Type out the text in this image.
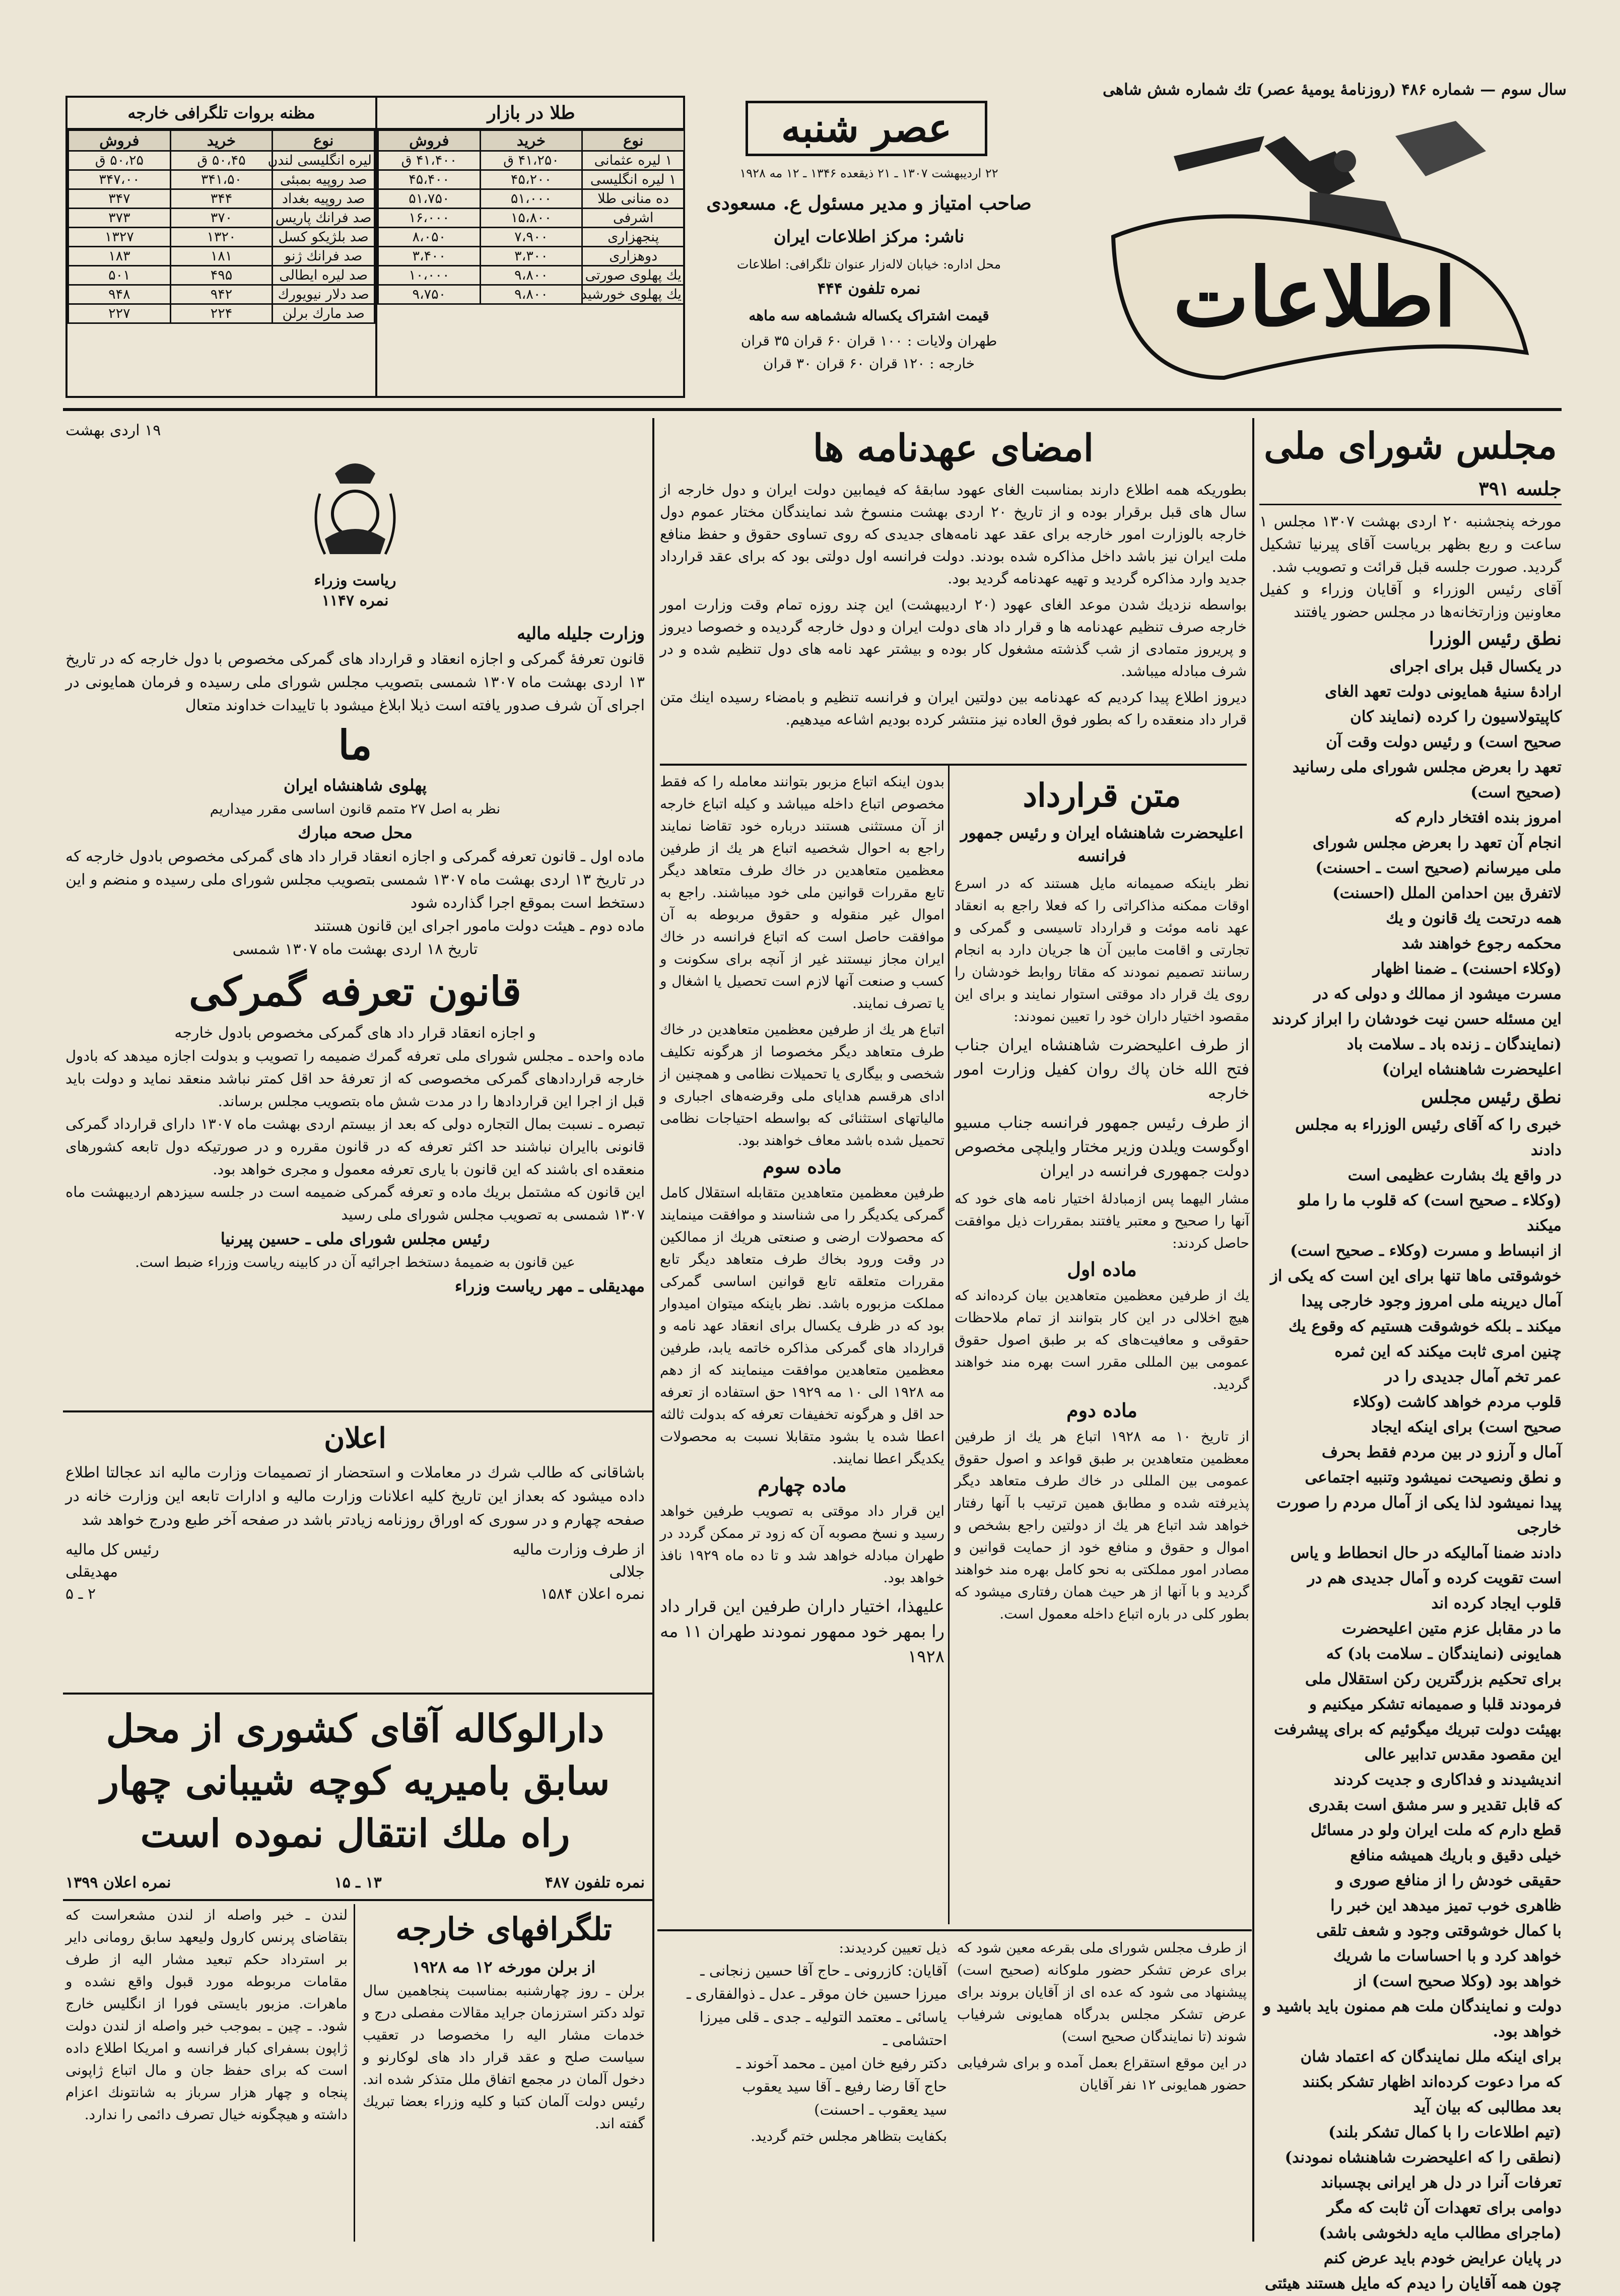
سال سوم — شماره ۴۸۶ (روزنامهٔ یومیهٔ عصر) تك شماره شش شاهی
اطلاعات
عصر شنبه
۲۲ اردیبهشت ۱۳۰۷ ـ ۲۱ ذیقعده ۱۳۴۶ ـ ۱۲ مه ۱۹۲۸
صاحب امتیاز و مدیر مسئول ع. مسعودی
ناشر: مرکز اطلاعات ایران
محل اداره: خیابان لاله‌زار عنوان تلگرافی: اطلاعات
نمره تلفون ۴۴۴
قیمت اشتراک یکساله ششماهه سه ماهه
طهران ولایات : ۱۰۰ قران ۶۰ قران ۳۵ قران
خارجه : ۱۲۰ قران ۶۰ قران ۳۰ قران
طلا در بازار
نوع	خرید	فروش
۱ لیره عثمانی	۴۱،۲۵۰ ق	۴۱،۴۰۰ ق
۱ لیره انگلیسی	۴۵،۲۰۰	۴۵،۴۰۰
ده منانی طلا	۵۱،۰۰۰	۵۱،۷۵۰
اشرفی	۱۵،۸۰۰	۱۶،۰۰۰
پنجهزاری	۷،۹۰۰	۸،۰۵۰
دوهزاری	۳،۳۰۰	۳،۴۰۰
یك پهلوی صورتی	۹،۸۰۰	۱۰،۰۰۰
یك پهلوی خورشید	۹،۸۰۰	۹،۷۵۰
مظنه بروات تلگرافی خارجه
نوع	خرید	فروش
لیره انگلیسی لندن	۵۰،۴۵ ق	۵۰،۲۵ ق
صد روپیه بمبئی	۳۴۱،۵۰	۳۴۷،۰۰
صد روپیه بغداد	۳۴۴	۳۴۷
صد فرانك پاریس	۳۷۰	۳۷۳
صد بلژیکو کسل	۱۳۲۰	۱۳۲۷
صد فرانك ژنو	۱۸۱	۱۸۳
صد لیره ایطالی	۴۹۵	۵۰۱
صد دلار نیویورك	۹۴۲	۹۴۸
صد مارك برلن	۲۲۴	۲۲۷
مجلس شورای ملی
جلسه ۳۹۱
مورخه پنجشنبه ۲۰ اردی بهشت ۱۳۰۷ مجلس ۱ ساعت و ربع بظهر بریاست آقای پیرنیا تشکیل گردید. صورت جلسه قبل قرائت و تصویب شد.
آقای رئیس الوزراء و آقایان وزراء و کفیل معاونین وزارتخانه‌ها در مجلس حضور یافتند
نطق رئیس الوزرا
در یکسال قبل برای اجرای
ارادهٔ سنیهٔ همایونی دولت تعهد الغای
کاپیتولاسیون را کرده (نمایند کان
صحیح است) و رئیس دولت وقت آن
تعهد را بعرض مجلس شورای ملی رسانید
(صحیح است)
امروز بنده افتخار دارم که
انجام آن تعهد را بعرض مجلس شورای
ملی میرسانم (صحیح است ـ احسنت)
لاتفرق بین احدامن الملل (احسنت)
همه درتحت یك قانون و یك
محکمه رجوع خواهند شد
(وکلاء احسنت) ـ ضمنا اظهار
مسرت میشود از ممالك و دولی که در
این مسئله حسن نیت خودشان را ابراز کردند
(نمایندگان ـ زنده باد ـ سلامت باد
اعلیحضرت شاهنشاه ایران)
نطق رئیس مجلس
خبری را که آقای رئیس الوزراء به مجلس دادند
در واقع یك بشارت عظیمی است
(وکلاء ـ صحیح است) که قلوب ما را ملو میکند
از انبساط و مسرت (وکلاء ـ صحیح است)
خوشوقتی ماها تنها برای این است که یکی از
آمال دیرینه ملی امروز وجود خارجی پیدا
میکند ـ بلکه خوشوقت هستیم که وقوع یك
چنین امری ثابت میکند که این ثمره
عمر تخم آمال جدیدی را در
قلوب مردم خواهد کاشت (وکلاء
صحیح است) برای اینکه ایجاد
آمال و آرزو در بین مردم فقط بحرف
و نطق ونصیحت نمیشود وتنبیه اجتماعی
پیدا نمیشود لذا یکی از آمال مردم را صورت خارجی
دادند ضمنا آمالیکه در حال انحطاط و یاس
است تقویت کرده و آمال جدیدی هم در
قلوب ایجاد کرده اند
ما در مقابل عزم متین اعلیحضرت
همایونی (نمایندگان ـ سلامت باد) که
برای تحکیم بزرگترین رکن استقلال ملی
فرمودند قلبا و صمیمانه تشکر میکنیم و
بهیئت دولت تبریك میگوئیم که برای پیشرفت
این مقصود مقدس تدابیر عالی
اندیشیدند و فداکاری و جدیت کردند
که قابل تقدیر و سر مشق است بقدری
قطع دارم که ملت ایران ولو در مسائل
خیلی دقیق و باریك همیشه منافع
حقیقی خودش را از منافع صوری و
ظاهری خوب تمیز میدهد این خبر را
با کمال خوشوقتی وجود و شعف تلقی
خواهد کرد و با احساسات ما شریك
خواهد بود (وکلا صحیح است) از
دولت و نمایندگان ملت هم ممنون باید باشید و
خواهد بود.
برای اینکه ملل نمایندگان که اعتماد شان
که مرا دعوت کرده‌اند اظهار تشکر بکنند
بعد مطالبی که بیان آید
(تیم اطلاعات را با کمال تشکر بلند)
(نطقی را که اعلیحضرت شاهنشاه نمودند)
تعرفات آنرا در دل هر ایرانی بچسباند
دوامی برای تعهدات آن ثابت که مگر
(ماجرای مطالب مایه دلخوشی باشد)
در پایان عرایض خودم باید عرض کنم
چون همه آقایان را دیدم که مایل هستند هیئتی
امضای عهدنامه ها
بطوریکه همه اطلاع دارند بمناسبت الغای عهود سابقهٔ که فیمابین دولت ایران و دول خارجه از سال های قبل برقرار بوده و از تاریخ ۲۰ اردی بهشت منسوخ شد نمایندگان مختار عموم دول خارجه بالوزارت امور خارجه برای عقد عهد نامه‌های جدیدی که روی تساوی حقوق و حفظ منافع ملت ایران نیز باشد داخل مذاکره شده بودند. دولت فرانسه اول دولتی بود که برای عقد قرارداد جدید وارد مذاکره گردید و تهیه عهدنامه گردید بود.
بواسطه نزدیك شدن موعد الغای عهود (۲۰ اردیبهشت) این چند روزه تمام وقت وزارت امور خارجه صرف تنظیم عهدنامه ها و قرار داد های دولت ایران و دول خارجه گردیده و خصوصا دیروز و پریروز متمادی از شب گذشته مشغول کار بوده و بیشتر عهد نامه های دول تنظیم شده و در شرف مبادله میباشد.
دیروز اطلاع پیدا کردیم که عهدنامه بین دولتین ایران و فرانسه تنظیم و بامضاء رسیده اینك متن قرار داد منعقده را که بطور فوق العاده نیز منتشر کرده بودیم اشاعه میدهیم.
متن قرارداد
اعلیحضرت شاهنشاه ایران و رئیس جمهور فرانسه
نظر باینکه صمیمانه مایل هستند که در اسرع اوقات ممکنه مذاکراتی را که فعلا راجع به انعقاد عهد نامه موئت و قرارداد تاسیسی و گمرکی و تجارتی و اقامت مابین آن ها جریان دارد به انجام رسانند تصمیم نمودند که مقاتا روابط خودشان را روی یك قرار داد موقتی استوار نمایند و برای این مقصود اختیار داران خود را تعیین نمودند:
از طرف اعلیحضرت شاهنشاه ایران جناب فتح الله خان پاك روان کفیل وزارت امور خارجه
از طرف رئیس جمهور فرانسه جناب مسیو اوگوست ویلدن وزیر مختار وایلچی مخصوص دولت جمهوری فرانسه در ایران
مشار الیهما پس ازمبادلهٔ اختیار نامه های خود که آنها را صحیح و معتبر یافتند بمقررات ذیل موافقت حاصل کردند:
ماده اول
یك از طرفین معظمین متعاهدین بیان کرده‌اند که هیچ اخلالی در این کار بتوانند از تمام ملاحظات حقوقی و معافیت‌های که بر طبق اصول حقوق عمومی بین المللی مقرر است بهره مند خواهند گردید.
ماده دوم
از تاریخ ۱۰ مه ۱۹۲۸ اتباع هر یك از طرفین معظمین متعاهدین بر طبق قواعد و اصول حقوق عمومی بین المللی در خاك طرف متعاهد دیگر پذیرفته شده و مطابق همین ترتیب با آنها رفتار خواهد شد اتباع هر یك از دولتین راجع بشخص و اموال و حقوق و منافع خود از حمایت قوانین و مصادر امور مملکتی به نحو کامل بهره مند خواهند گردید و با آنها از هر حیث همان رفتاری میشود که بطور کلی در باره اتباع داخله معمول است.
بدون اینکه اتباع مزبور بتوانند معامله را که فقط مخصوص اتباع داخله میباشد و کیله اتباع خارجه از آن مستثنی هستند درباره خود تقاضا نمایند راجع به احوال شخصیه اتباع هر یك از طرفین معظمین متعاهدین در خاك طرف متعاهد دیگر تابع مقررات قوانین ملی خود میباشند. راجع به اموال غیر منقوله و حقوق مربوطه به آن موافقت حاصل است که اتباع فرانسه در خاك ایران مجاز نیستند غیر از آنچه برای سکونت و کسب و صنعت آنها لازم است تحصیل یا اشغال و یا تصرف نمایند.
اتباع هر یك از طرفین معظمین متعاهدین در خاك طرف متعاهد دیگر مخصوصا از هرگونه تکلیف شخصی و بیگاری یا تحمیلات نظامی و همچنین از ادای هرقسم هدایای ملی وقرضه‌های اجباری و مالیاتهای استثنائی که بواسطه احتیاجات نظامی تحمیل شده باشد معاف خواهند بود.
ماده سوم
طرفین معظمین متعاهدین متقابله استقلال کامل گمرکی یکدیگر را می شناسند و موافقت مینمایند که محصولات ارضی و صنعتی هریك از ممالکین در وقت ورود بخاك طرف متعاهد دیگر تابع مقررات متعلقه تابع قوانین اساسی گمرکی مملکت مزبوره باشد. نظر باینکه میتوان امیدوار بود که در ظرف یکسال برای انعقاد عهد نامه و قرارداد های گمرکی مذاکره خاتمه یابد، طرفین معظمین متعاهدین موافقت مینمایند که از دهم مه ۱۹۲۸ الی ۱۰ مه ۱۹۲۹ حق استفاده از تعرفه حد اقل و هرگونه تخفیفات تعرفه که بدولت ثالثه اعطا شده یا بشود متقابلا نسبت به محصولات یکدیگر اعطا نمایند.
ماده چهارم
این قرار داد موقتی به تصویب طرفین خواهد رسید و نسخ مصوبه آن که زود تر ممکن گردد در طهران مبادله خواهد شد و تا ده ماه ۱۹۲۹ نافذ خواهد بود.
علیهذا، اختیار داران طرفین این قرار داد را بمهر خود ممهور نمودند طهران ۱۱ مه ۱۹۲۸
از طرف مجلس شورای ملی بقرعه معین شود که برای عرض تشکر حضور ملوکانه (صحیح است) پیشنهاد می شود که عده ای از آقایان بروند برای عرض تشکر مجلس بدرگاه همایونی شرفیاب شوند (تا نمایندگان صحیح است)
در این موقع استقراع بعمل آمده و برای شرفیابی حضور همایونی ۱۲ نفر آقایان
ذیل تعیین کردیدند:
آقایان: کازرونی ـ حاج آقا حسین زنجانی ـ
میرزا حسین خان موقر ـ عدل ـ ذوالفقاری ـ
یاسائی ـ معتمد التولیه ـ جدی ـ قلی میرزا احتشامی ـ
دکتر رفیع خان امین ـ محمد آخوند ـ
حاج آقا رضا رفیع ـ آقا سید یعقوب
سید یعقوب ـ احسنت)
بکفایت بتظاهر مجلس ختم گردید.
۱۹ اردی بهشت
ریاست وزراء
نمره ۱۱۴۷
وزارت جلیله مالیه
قانون تعرفهٔ گمرکی و اجازه انعقاد و قرارداد های گمرکی مخصوص با دول خارجه که در تاریخ ۱۳ اردی بهشت ماه ۱۳۰۷ شمسی بتصویب مجلس شورای ملی رسیده و فرمان همایونی در اجرای آن شرف صدور یافته است ذیلا ابلاغ میشود با تاییدات خداوند متعال
ما
پهلوی شاهنشاه ایران
نظر به اصل ۲۷ متمم قانون اساسی مقرر میداریم
محل صحه مبارك
ماده اول ـ قانون تعرفه گمرکی و اجازه انعقاد قرار داد های گمرکی مخصوص بادول خارجه که در تاریخ ۱۳ اردی بهشت ماه ۱۳۰۷ شمسی بتصویب مجلس شورای ملی رسیده و منضم و این دستخط است بموقع اجرا گذارده شود
ماده دوم ـ هیئت دولت مامور اجرای این قانون هستند
تاریخ ۱۸ اردی بهشت ماه ۱۳۰۷ شمسی
قانون تعرفه گمرکی
و اجازه انعقاد قرار داد های گمرکی مخصوص بادول خارجه
ماده واحده ـ مجلس شورای ملی تعرفه گمرك ضمیمه را تصویب و بدولت اجازه میدهد که بادول خارجه قراردادهای گمرکی مخصوصی که از تعرفهٔ حد اقل کمتر نباشد منعقد نماید و دولت باید قبل از اجرا این قراردادها را در مدت شش ماه بتصویب مجلس برساند.
تبصره ـ نسبت بمال التجاره دولی که بعد از بیستم اردی بهشت ماه ۱۳۰۷ دارای قرارداد گمرکی قانونی باایران نباشند حد اکثر تعرفه که در قانون مقرره و در صورتیکه دول تابعه کشورهای منعقده ای باشند که این قانون با یاری تعرفه معمول و مجری خواهد بود.
این قانون که مشتمل بریك ماده و تعرفه گمرکی ضمیمه است در جلسه سیزدهم اردیبهشت ماه ۱۳۰۷ شمسی به تصویب مجلس شورای ملی رسید
رئیس مجلس شورای ملی ـ حسین پیرنیا
عین قانون به ضمیمهٔ دستخط اجرائیه آن در کابینه ریاست وزراء ضبط است.
مهدیقلی ـ مهر ریاست وزراء
اعلان
باشاقانی که طالب شرك در معاملات و استحضار از تصمیمات وزارت مالیه اند عجالتا اطلاع داده میشود که بعداز این تاریخ کلیه اعلانات وزارت مالیه و ادارات تابعه این وزارت خانه در صفحه چهارم و در سوری که اوراق روزنامه زیادتر باشد در صفحه آخر طبع ودرج خواهد شد
از طرف وزارت مالیه
رئیس کل مالیه
جلالی
مهدیقلی
نمره اعلان ۱۵۸۴
۲ ـ ۵
دارالوکاله آقای کشوری از محل سابق بامیریه کوچه شیبانی چهار راه ملك انتقال نموده است
نمره تلفون ۴۸۷
۱۳ ـ ۱۵
نمره اعلان ۱۳۹۹
تلگرافهای خارجه
از برلن مورخه ۱۲ مه ۱۹۲۸
برلن ـ روز چهارشنبه بمناسبت پنجاهمین سال تولد دکتر استرزمان جراید مقالات مفصلی درج و خدمات مشار الیه را مخصوصا در تعقیب سیاست صلح و عقد قرار داد های لوکارنو و دخول آلمان در مجمع اتفاق ملل متذکر شده اند. رئیس دولت آلمان کتبا و کلیه وزراء بعضا تبریك گفته اند.
لندن ـ خبر واصله از لندن مشعراست که بتقاضای پرنس کارول ولیعهد سابق رومانی دایر بر استرداد حکم تبعید مشار الیه از طرف مقامات مربوطه مورد قبول واقع نشده و ماهرات. مزبور بایستی فورا از انگلیس خارج شود. ـ چین ـ بموجب خبر واصله از لندن دولت ژاپون بسفرای کبار فرانسه و امریکا اطلاع داده است که برای حفظ جان و مال اتباع ژاپونی پنجاه و چهار هزار سرباز به شانتونك اعزام داشته و هیچگونه خیال تصرف دائمی را ندارد.
